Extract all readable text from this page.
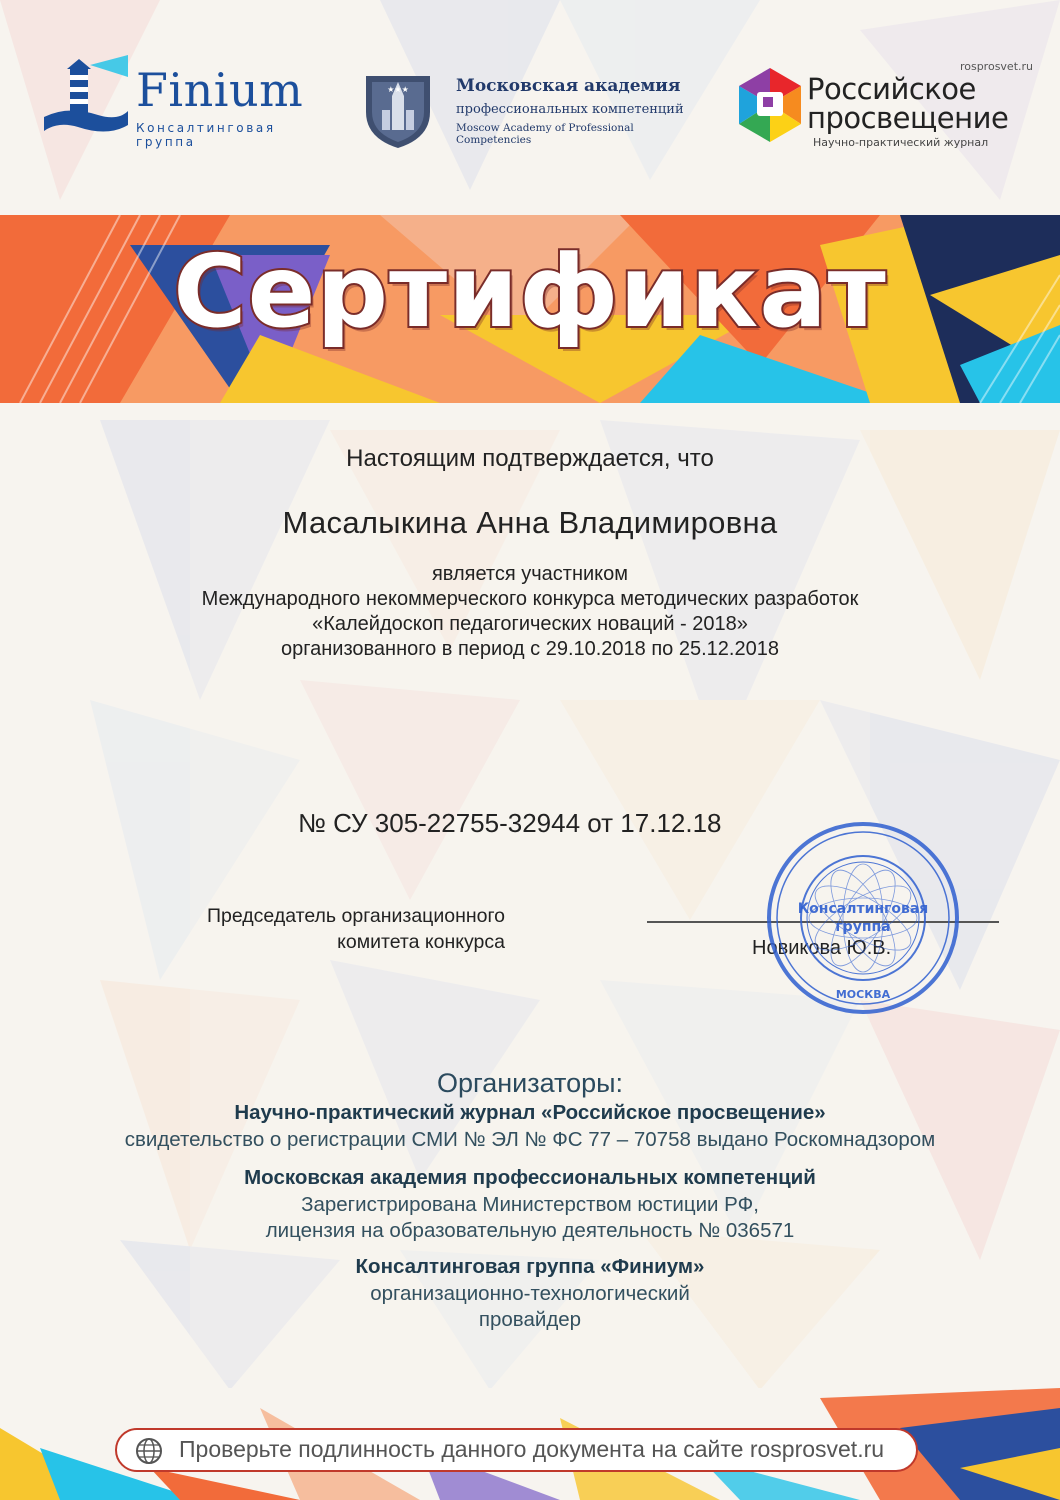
Finium
Консалтинговая группа
★★★	Московская академия
профессиональных компетенций
Moscow Academy of Professional Competencies
rosprosvet.ru
Российское
просвещение
Научно-практический журнал
Сертификат
Настоящим подтверждается, что
Масалыкина Анна Владимировна
является участником
Международного некоммерческого конкурса методических разработок
«Калейдоскоп педагогических новаций - 2018»
организованного в период с 29.10.2018 по 25.12.2018
№ СУ 305-22755-32944 от 17.12.18
Председатель организационного
комитета конкурса	Новикова Ю.В.
Консалтинговая
группа
МОСКВА
Организаторы:
Научно-практический журнал «Российское просвещение»
свидетельство о регистрации СМИ № ЭЛ № ФС 77 – 70758 выдано Роскомнадзором
Московская академия профессиональных компетенций
Зарегистрирована Министерством юстиции РФ,
лицензия на образовательную деятельность № 036571
Консалтинговая группа «Финиум»
организационно-технологический
провайдер
Проверьте подлинность данного документа на сайте rosprosvet.ru
